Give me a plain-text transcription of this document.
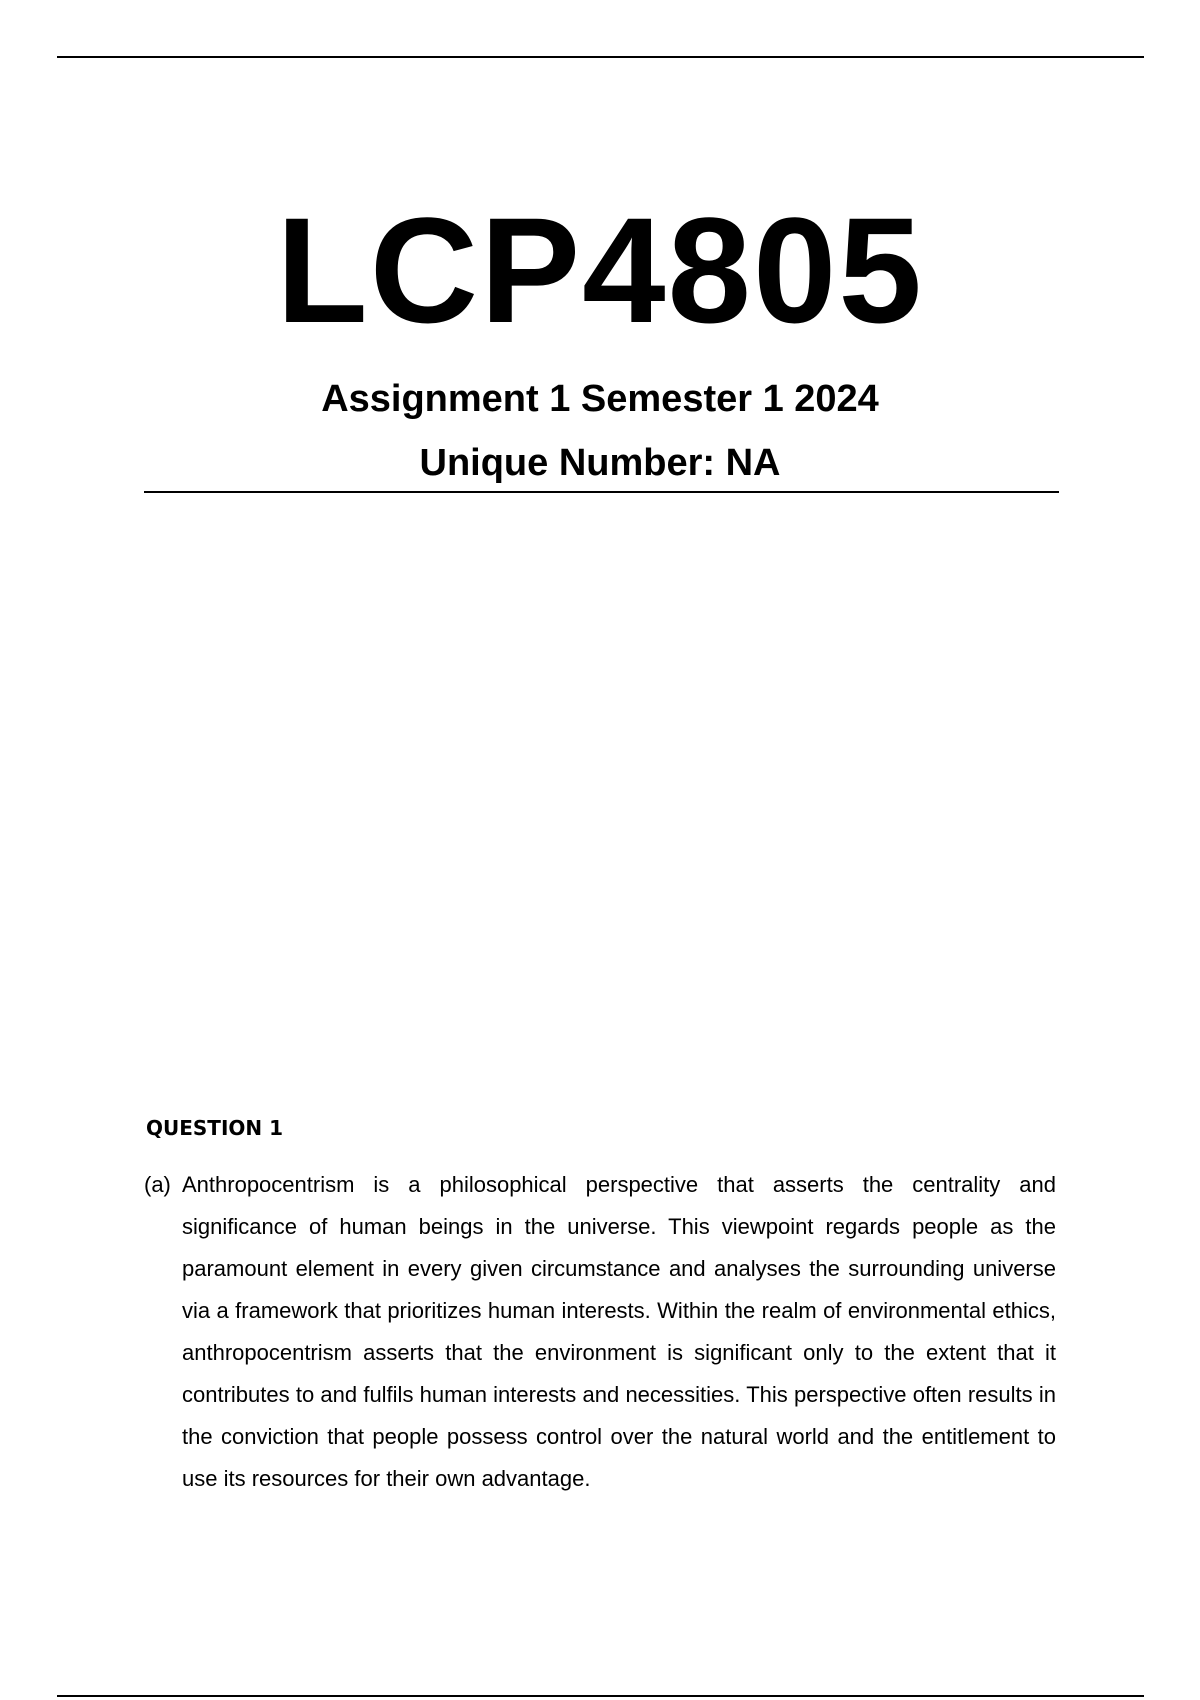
LCP4805
Assignment 1 Semester 1 2024
Unique Number: NA
QUESTION 1
(a) Anthropocentrism is a philosophical perspective that asserts the centrality and significance of human beings in the universe. This viewpoint regards people as the paramount element in every given circumstance and analyses the surrounding universe via a framework that prioritizes human interests. Within the realm of environmental ethics, anthropocentrism asserts that the environment is significant only to the extent that it contributes to and fulfils human interests and necessities. This perspective often results in the conviction that people possess control over the natural world and the entitlement to use its resources for their own advantage.
